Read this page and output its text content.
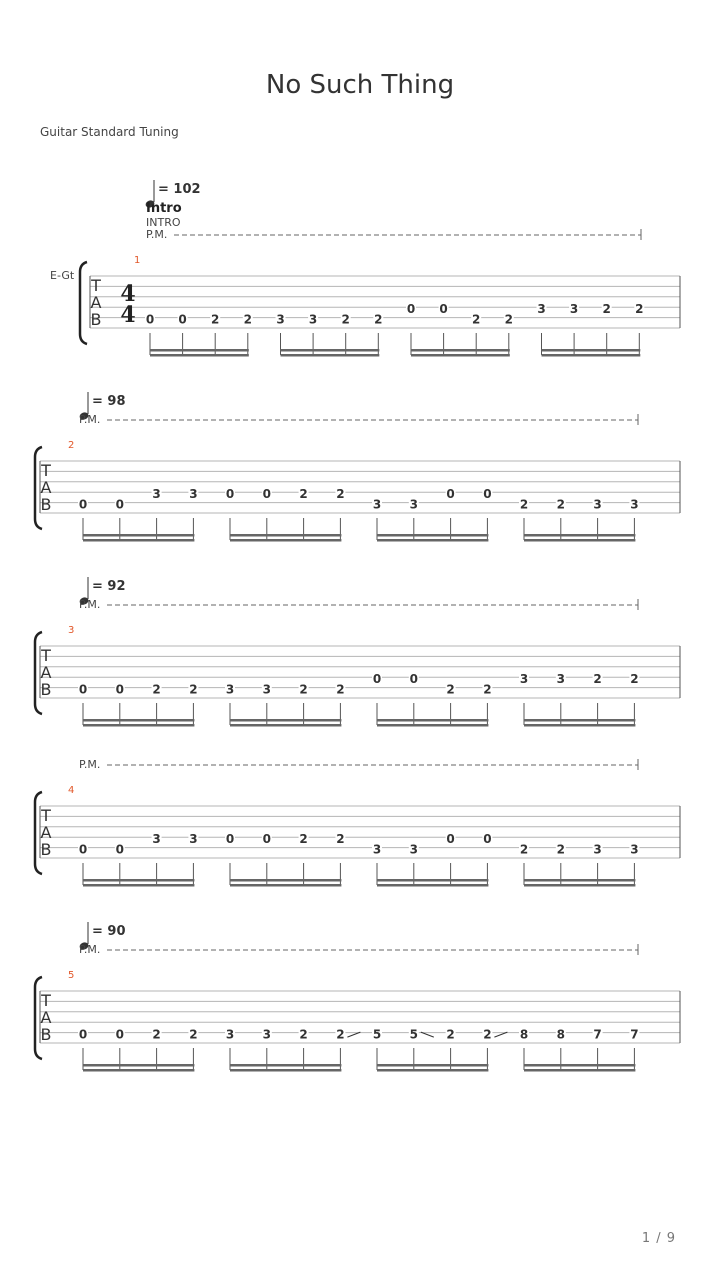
No Such Thing
Guitar Standard Tuning
1 / 9
T
A
B
1
4
4
E-Gt
= 102
Intro
INTRO
P.M.
0 0 2 2 3 3 2 2
0 0
2 2
3 3 2 2
T
A
B
2
= 98
P.M.
0 0
3 3 0 0 2 2
3 3
0 0
2 2 3 3
T
A
B
3
= 92
P.M.
0 0 2 2 3 3 2 2
0 0
2 2
3 3 2 2
T
A
B
4
P.M.
0 0
3 3 0 0 2 2
3 3
0 0
2 2 3 3
T
A
B
5
= 90
P.M.
0 0 2 2 3 3 2 2 5 5 2 2 8 8 7 7
